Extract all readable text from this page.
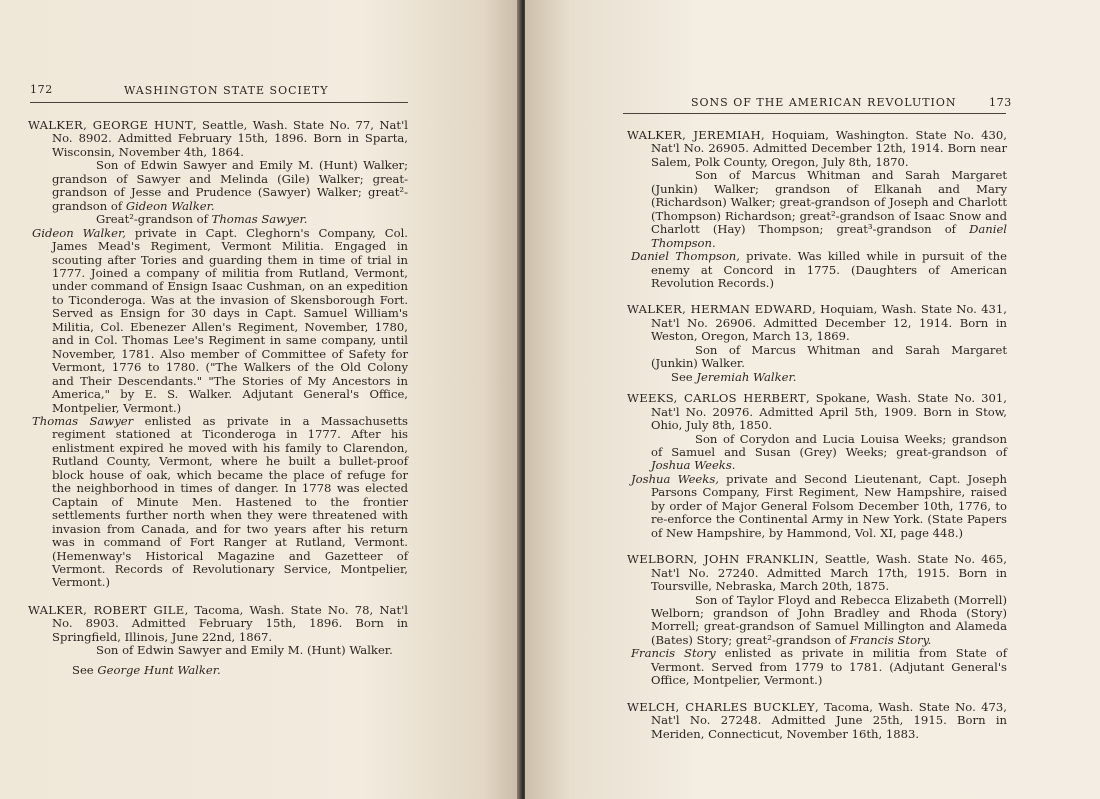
172	WASHINGTON STATE SOCIETY

WALKER, GEORGE HUNT, Seattle, Wash. State No. 77, Nat'l No. 8902. Admitted February 15th, 1896. Born in Sparta, Wisconsin, November 4th, 1864.

Son of Edwin Sawyer and Emily M. (Hunt) Walker; grandson of Sawyer and Melinda (Gile) Walker; great-grandson of Jesse and Prudence (Sawyer) Walker; great²-grandson of Gideon Walker.

Great²-grandson of Thomas Sawyer.

Gideon Walker, private in Capt. Cleghorn's Company, Col. James Mead's Regiment, Vermont Militia. Engaged in scouting after Tories and guarding them in time of trial in 1777. Joined a company of militia from Rutland, Vermont, under command of Ensign Isaac Cushman, on an expedition to Ticonderoga. Was at the invasion of Skensborough Fort. Served as Ensign for 30 days in Capt. Samuel William's Militia, Col. Ebenezer Allen's Regiment, November, 1780, and in Col. Thomas Lee's Regiment in same company, until November, 1781. Also member of Committee of Safety for Vermont, 1776 to 1780. ("The Walkers of the Old Colony and Their Descendants." "The Stories of My Ancestors in America," by E. S. Walker. Adjutant General's Office, Montpelier, Vermont.)

Thomas Sawyer enlisted as private in a Massachusetts regiment stationed at Ticonderoga in 1777. After his enlistment expired he moved with his family to Clarendon, Rutland County, Vermont, where he built a bullet-proof block house of oak, which became the place of refuge for the neighborhood in times of danger. In 1778 was elected Captain of Minute Men. Hastened to the frontier settlements further north when they were threatened with invasion from Canada, and for two years after his return was in command of Fort Ranger at Rutland, Vermont. (Hemenway's Historical Magazine and Gazetteer of Vermont. Records of Revolutionary Service, Montpelier, Vermont.)

WALKER, ROBERT GILE, Tacoma, Wash. State No. 78, Nat'l No. 8903. Admitted February 15th, 1896. Born in Springfield, Illinois, June 22nd, 1867.

Son of Edwin Sawyer and Emily M. (Hunt) Walker.

See George Hunt Walker.

SONS OF THE AMERICAN REVOLUTION	173

WALKER, JEREMIAH, Hoquiam, Washington. State No. 430, Nat'l No. 26905. Admitted December 12th, 1914. Born near Salem, Polk County, Oregon, July 8th, 1870.

Son of Marcus Whitman and Sarah Margaret (Junkin) Walker; grandson of Elkanah and Mary (Richardson) Walker; great-grandson of Joseph and Charlott (Thompson) Richardson; great²-grandson of Isaac Snow and Charlott (Hay) Thompson; great³-grandson of Daniel Thompson.

Daniel Thompson, private. Was killed while in pursuit of the enemy at Concord in 1775. (Daughters of American Revolution Records.)

WALKER, HERMAN EDWARD, Hoquiam, Wash. State No. 431, Nat'l No. 26906. Admitted December 12, 1914. Born in Weston, Oregon, March 13, 1869.

Son of Marcus Whitman and Sarah Margaret (Junkin) Walker.

See Jeremiah Walker.

WEEKS, CARLOS HERBERT, Spokane, Wash. State No. 301, Nat'l No. 20976. Admitted April 5th, 1909. Born in Stow, Ohio, July 8th, 1850.

Son of Corydon and Lucia Louisa Weeks; grandson of Samuel and Susan (Grey) Weeks; great-grandson of Joshua Weeks.

Joshua Weeks, private and Second Lieutenant, Capt. Joseph Parsons Company, First Regiment, New Hampshire, raised by order of Major General Folsom December 10th, 1776, to re-enforce the Continental Army in New York. (State Papers of New Hampshire, by Hammond, Vol. XI, page 448.)

WELBORN, JOHN FRANKLIN, Seattle, Wash. State No. 465, Nat'l No. 27240. Admitted March 17th, 1915. Born in Toursville, Nebraska, March 20th, 1875.

Son of Taylor Floyd and Rebecca Elizabeth (Morrell) Welborn; grandson of John Bradley and Rhoda (Story) Morrell; great-grandson of Samuel Millington and Alameda (Bates) Story; great²-grandson of Francis Story.

Francis Story enlisted as private in militia from State of Vermont. Served from 1779 to 1781. (Adjutant General's Office, Montpelier, Vermont.)

WELCH, CHARLES BUCKLEY, Tacoma, Wash. State No. 473, Nat'l No. 27248. Admitted June 25th, 1915. Born in Meriden, Connecticut, November 16th, 1883.
